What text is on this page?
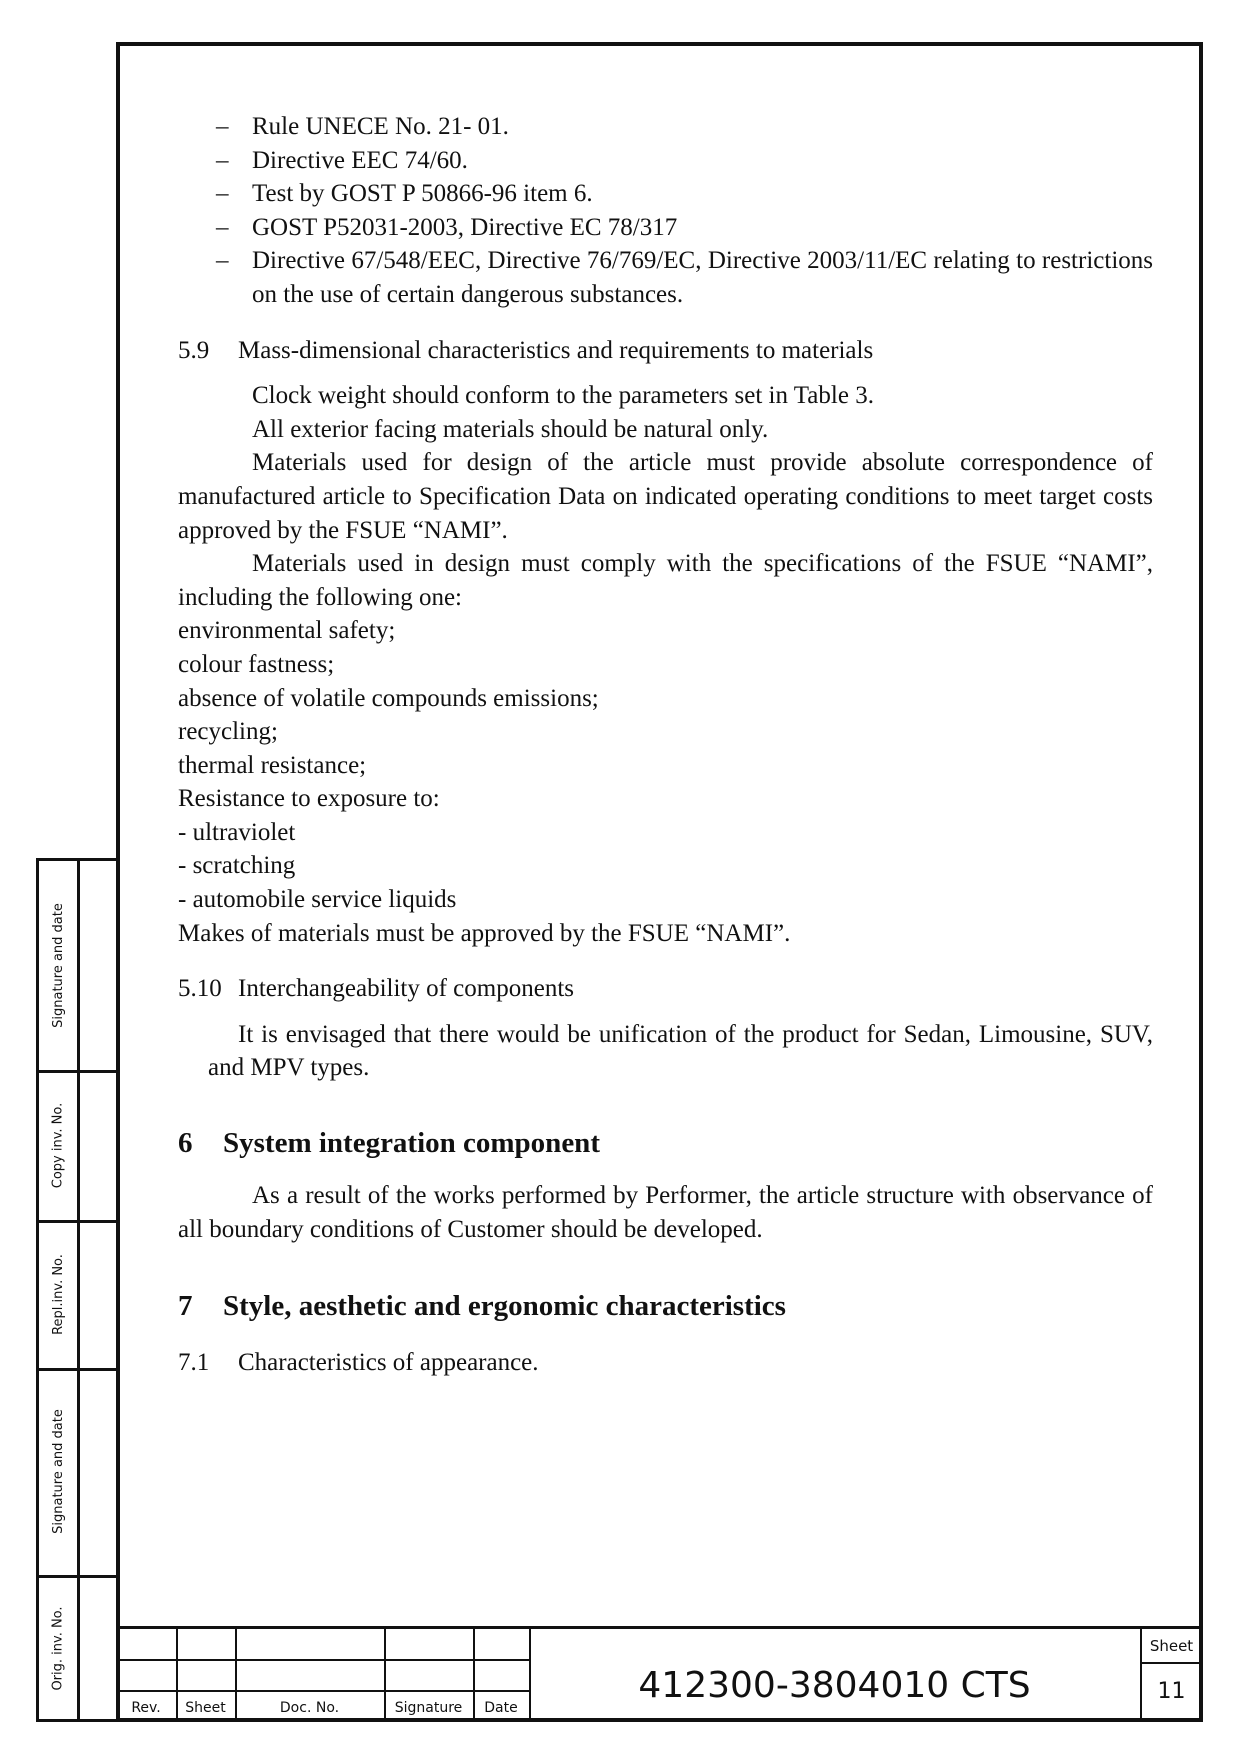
– Rule UNECE No. 21- 01.
– Directive EEC 74/60.
– Test by GOST P 50866-96 item 6.
– GOST P52031-2003, Directive EC 78/317
– Directive 67/548/EEC, Directive 76/769/EC, Directive 2003/11/EC relating to restrictions on the use of certain dangerous substances.

5.9 Mass-dimensional characteristics and requirements to materials

Clock weight should conform to the parameters set in Table 3.

All exterior facing materials should be natural only.

Materials used for design of the article must provide absolute correspondence of manufactured article to Specification Data on indicated operating conditions to meet target costs approved by the FSUE “NAMI”.

Materials used in design must comply with the specifications of the FSUE “NAMI”, including the following one:

environmental safety;

colour fastness;

absence of volatile compounds emissions;

recycling;

thermal resistance;

Resistance to exposure to:

- ultraviolet

- scratching

- automobile service liquids

Makes of materials must be approved by the FSUE “NAMI”.

5.10 Interchangeability of components

It is envisaged that there would be unification of the product for Sedan, Limousine, SUV, and MPV types.

6 System integration component

As a result of the works performed by Performer, the article structure with observance of all boundary conditions of Customer should be developed.

7 Style, aesthetic and ergonomic characteristics

7.1 Characteristics of appearance.

Signature and date
Copy inv. No.
Repl.inv. No.
Signature and date
Orig. inv. No.
Rev.	Sheet	Doc. No.	Signature	Date
412300-3804010 CTS
Sheet
11
